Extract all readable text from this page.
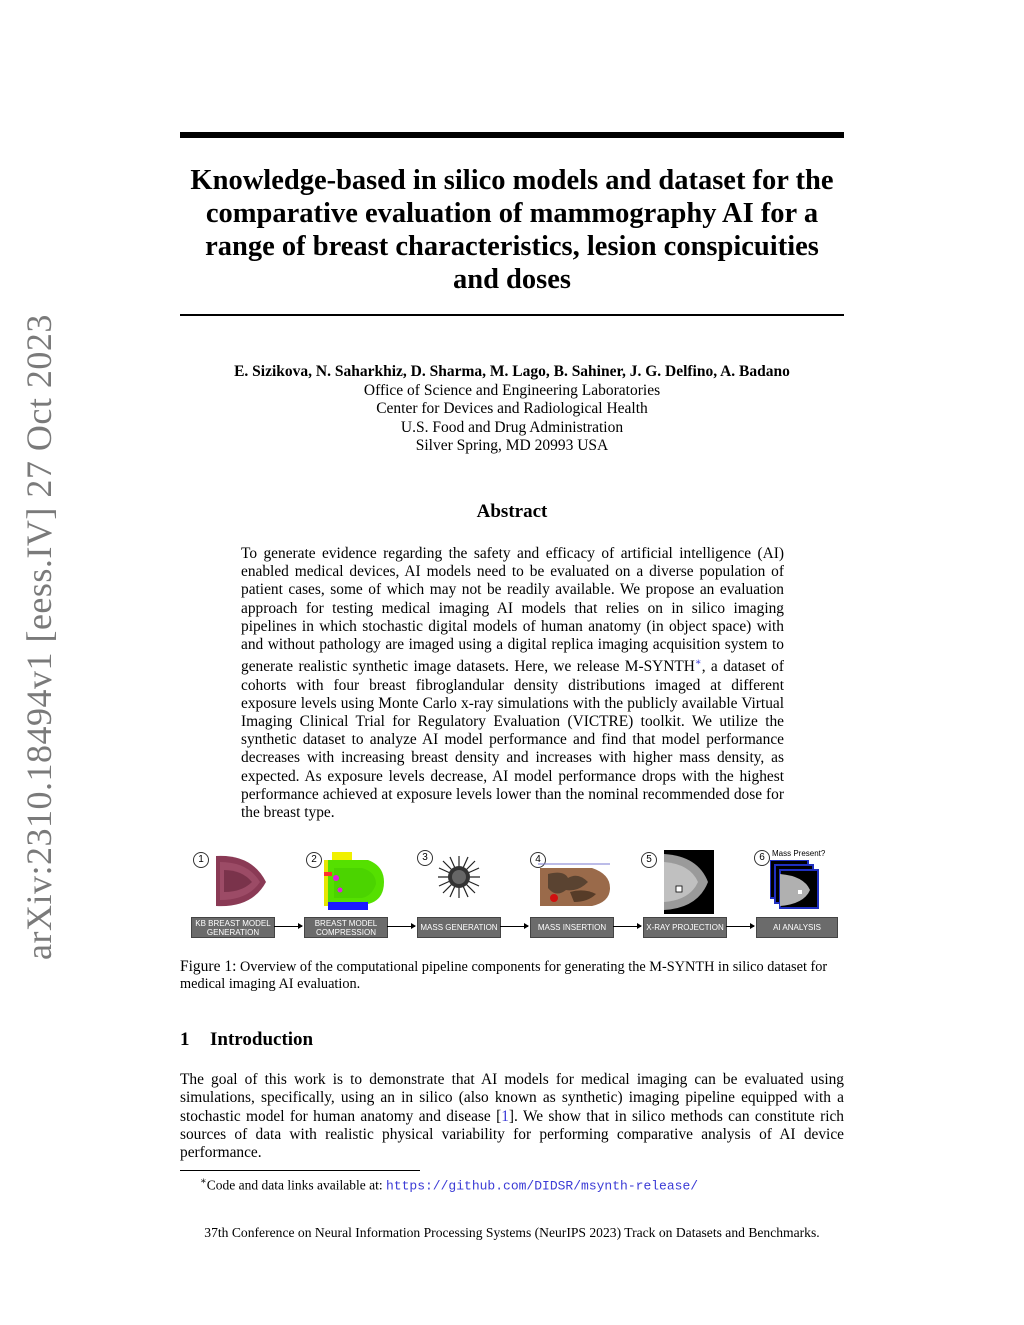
arXiv:2310.18494v1 [eess.IV] 27 Oct 2023
Knowledge-based in silico models and dataset for the comparative evaluation of mammography AI for a range of breast characteristics, lesion conspicuities and doses
E. Sizikova, N. Saharkhiz, D. Sharma, M. Lago, B. Sahiner, J. G. Delfino, A. Badano
Office of Science and Engineering Laboratories
Center for Devices and Radiological Health
U.S. Food and Drug Administration
Silver Spring, MD 20993 USA
Abstract
To generate evidence regarding the safety and efficacy of artificial intelligence (AI) enabled medical devices, AI models need to be evaluated on a diverse population of patient cases, some of which may not be readily available. We propose an evaluation approach for testing medical imaging AI models that relies on in silico imaging pipelines in which stochastic digital models of human anatomy (in object space) with and without pathology are imaged using a digital replica imaging acquisition system to generate realistic synthetic image datasets. Here, we release M-SYNTH∗, a dataset of cohorts with four breast fibroglandular density distributions imaged at different exposure levels using Monte Carlo x-ray simulations with the publicly available Virtual Imaging Clinical Trial for Regulatory Evaluation (VICTRE) toolkit. We utilize the synthetic dataset to analyze AI model performance and find that model performance decreases with increasing breast density and increases with higher mass density, as expected. As exposure levels decrease, AI model performance drops with the highest performance achieved at exposure levels lower than the nominal recommended dose for the breast type.
1	2	3	4	5	6 Mass Present?
KB BREAST MODEL GENERATION
BREAST MODEL COMPRESSION	MASS GENERATION	MASS INSERTION	X-RAY PROJECTION	AI ANALYSIS
Figure 1: Overview of the computational pipeline components for generating the M-SYNTH in silico dataset for medical imaging AI evaluation.
1 Introduction
The goal of this work is to demonstrate that AI models for medical imaging can be evaluated using simulations, specifically, using an in silico (also known as synthetic) imaging pipeline equipped with a stochastic model for human anatomy and disease [1]. We show that in silico methods can constitute rich sources of data with realistic physical variability for performing comparative analysis of AI device performance.
∗Code and data links available at: https://github.com/DIDSR/msynth-release/
37th Conference on Neural Information Processing Systems (NeurIPS 2023) Track on Datasets and Benchmarks.
